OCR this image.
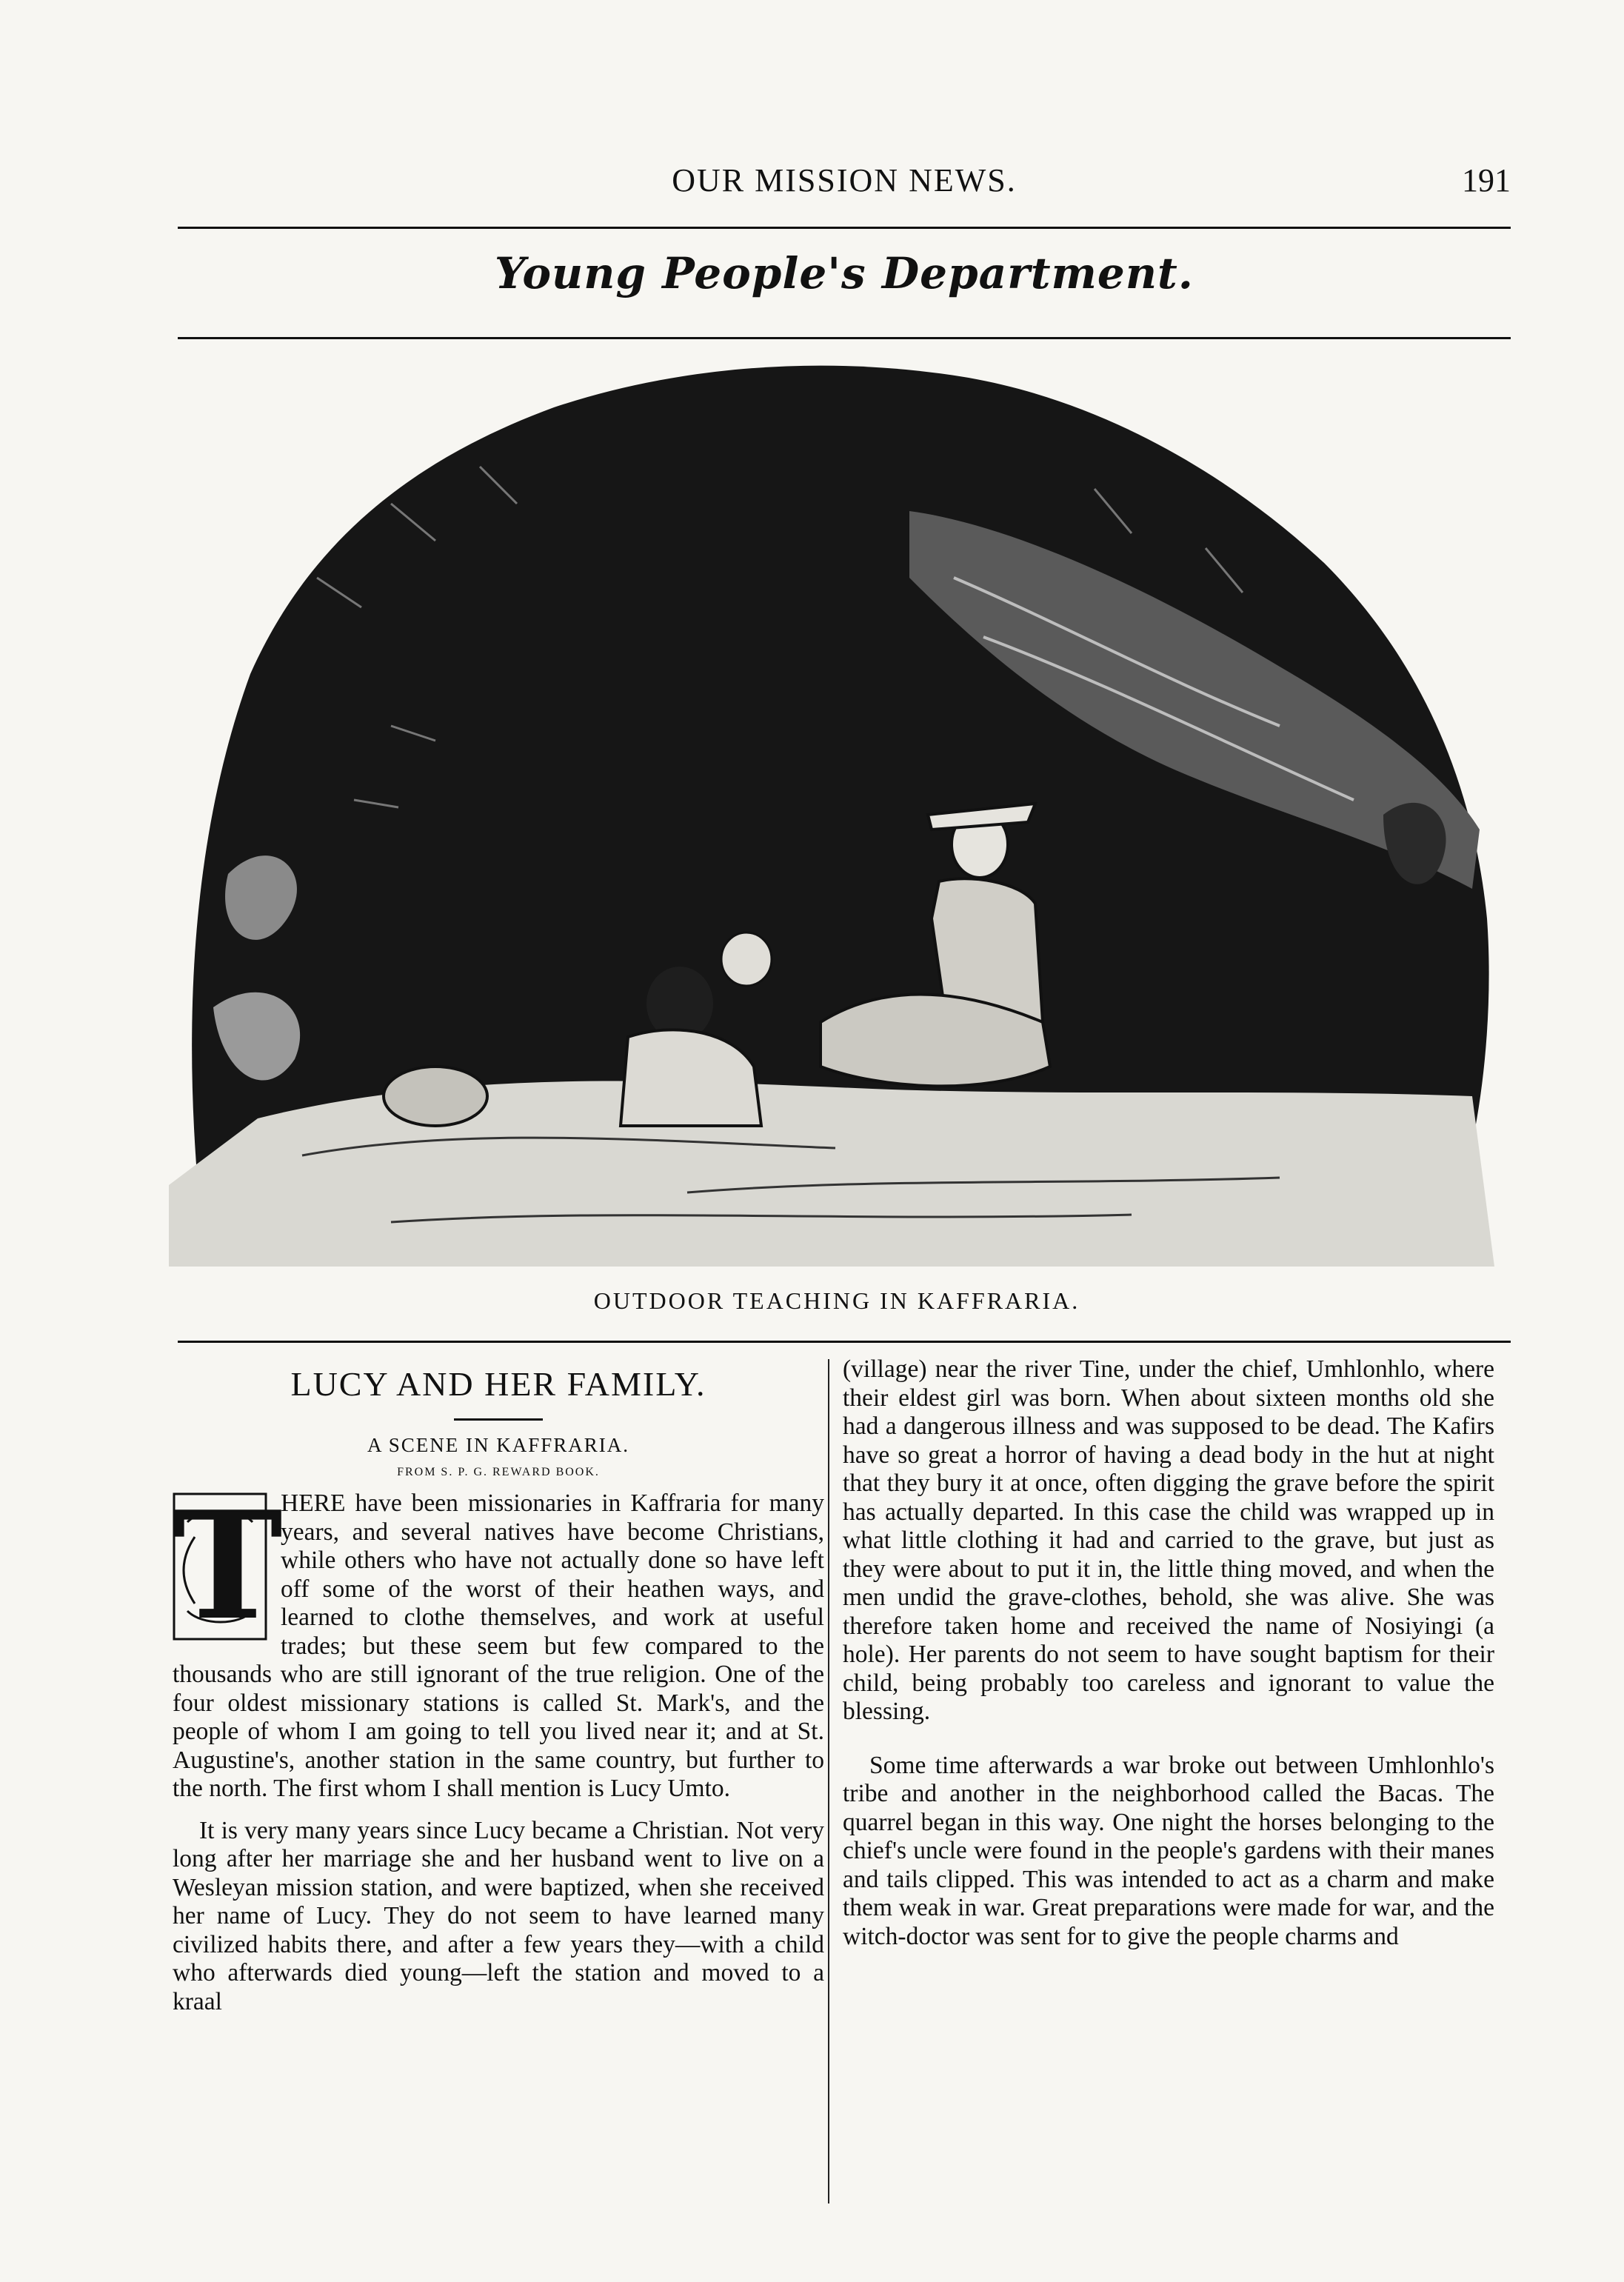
OUR MISSION NEWS.	191
Young People's Department.
OUTDOOR TEACHING IN KAFFRARIA.
LUCY AND HER FAMILY.
A SCENE IN KAFFRARIA.
FROM S. P. G. REWARD BOOK.

T
HERE have been missionaries in Kaffraria for many years, and several natives have become Christians, while others who have not actually done so have left off some of the worst of their heathen ways, and learned to clothe themselves, and work at useful trades; but these seem but few compared to the thousands who are still ignorant of the true religion. One of the four oldest missionary stations is called St. Mark's, and the people of whom I am going to tell you lived near it; and at St. Augustine's, another station in the same country, but further to the north. The first whom I shall mention is Lucy Umto.

It is very many years since Lucy became a Christian. Not very long after her marriage she and her husband went to live on a Wesleyan mission station, and were baptized, when she received her name of Lucy. They do not seem to have learned many civilized habits there, and after a few years they—with a child who afterwards died young—left the station and moved to a kraal

(village) near the river Tine, under the chief, Umhlonhlo, where their eldest girl was born. When about sixteen months old she had a dangerous illness and was supposed to be dead. The Kafirs have so great a horror of having a dead body in the hut at night that they bury it at once, often digging the grave before the spirit has actually departed. In this case the child was wrapped up in what little clothing it had and carried to the grave, but just as they were about to put it in, the little thing moved, and when the men undid the grave-clothes, behold, she was alive. She was therefore taken home and received the name of Nosiyingi (a hole). Her parents do not seem to have sought baptism for their child, being probably too careless and ignorant to value the blessing.

Some time afterwards a war broke out between Umhlonhlo's tribe and another in the neighborhood called the Bacas. The quarrel began in this way. One night the horses belonging to the chief's uncle were found in the people's gardens with their manes and tails clipped. This was intended to act as a charm and make them weak in war. Great preparations were made for war, and the witch-doctor was sent for to give the people charms and
